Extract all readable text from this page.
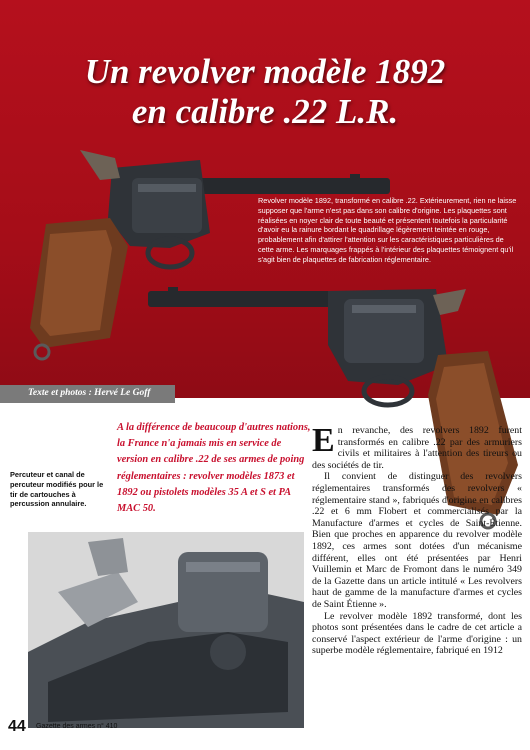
Un revolver modèle 1892
en calibre .22 L.R.

Revolver modèle 1892, transformé en calibre .22. Extérieurement, rien ne laisse supposer que l'arme n'est pas dans son calibre d'origine. Les plaquettes sont réalisées en noyer clair de toute beauté et présentent toutefois la particularité d'avoir eu la rainure bordant le quadrillage légèrement teintée en rouge, probablement afin d'attirer l'attention sur les caractéristiques particulières de cette arme. Les marquages frappés à l'intérieur des plaquettes témoignent qu'il s'agit bien de plaquettes de fabrication réglementaire.

Texte et photos : Hervé Le Goff

A la différence de beaucoup d'autres nations, la France n'a jamais mis en service de version en calibre .22 de ses armes de poing réglementaires : revolver modèles 1873 et 1892 ou pistolets modèles 35 A et S et PA MAC 50.

Percuteur et canal de percuteur modifiés pour le tir de cartouches à percussion annulaire.

En revanche, des revolvers 1892 furent transformés en calibre .22 par des armuriers civils et militaires à l'attention des tireurs ou des sociétés de tir.

Il convient de distinguer des revolvers réglementaires transformés des revolvers « réglementaire stand », fabriqués d'origine en calibres .22 et 6 mm Flobert et commercialisés par la Manufacture d'armes et cycles de Saint-Étienne. Bien que proches en apparence du revolver modèle 1892, ces armes sont dotées d'un mécanisme différent, elles ont été présentées par Henri Vuillemin et Marc de Fromont dans le numéro 349 de la Gazette dans un article intitulé « Les revolvers haut de gamme de la manufacture d'armes et cycles de Saint Étienne ».

Le revolver modèle 1892 transformé, dont les photos sont présentées dans le cadre de cet article a conservé l'aspect extérieur de l'arme d'origine : un superbe modèle réglementaire, fabriqué en 1912

44 Gazette des armes n° 410
